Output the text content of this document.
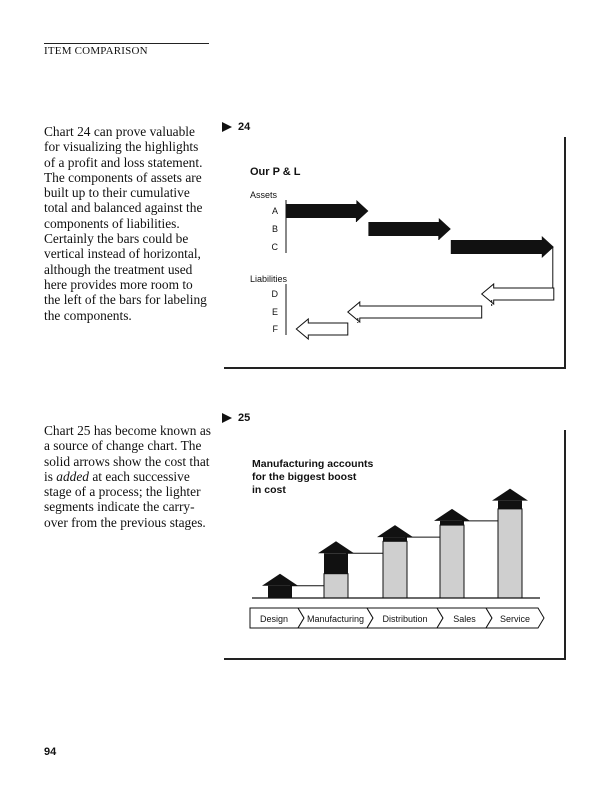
ITEM COMPARISON

Chart 24 can prove valuable for visualizing the highlights of a profit and loss statement. The components of assets are built up to their cumulative total and balanced against the components of liabilities. Certainly the bars could be vertical instead of horizontal, although the treatment used here provides more room to the left of the bars for labeling the components.

24
Our P & L
Assets
Liabilities
A
B
C
D
E
F

Chart 25 has become known as a source of change chart. The solid arrows show the cost that is added at each successive stage of a process; the lighter segments indicate the carry-over from the previous stages.

25
Manufacturing accounts
for the biggest boost
in cost
Design Manufacturing Distribution	Sales	Service
94
